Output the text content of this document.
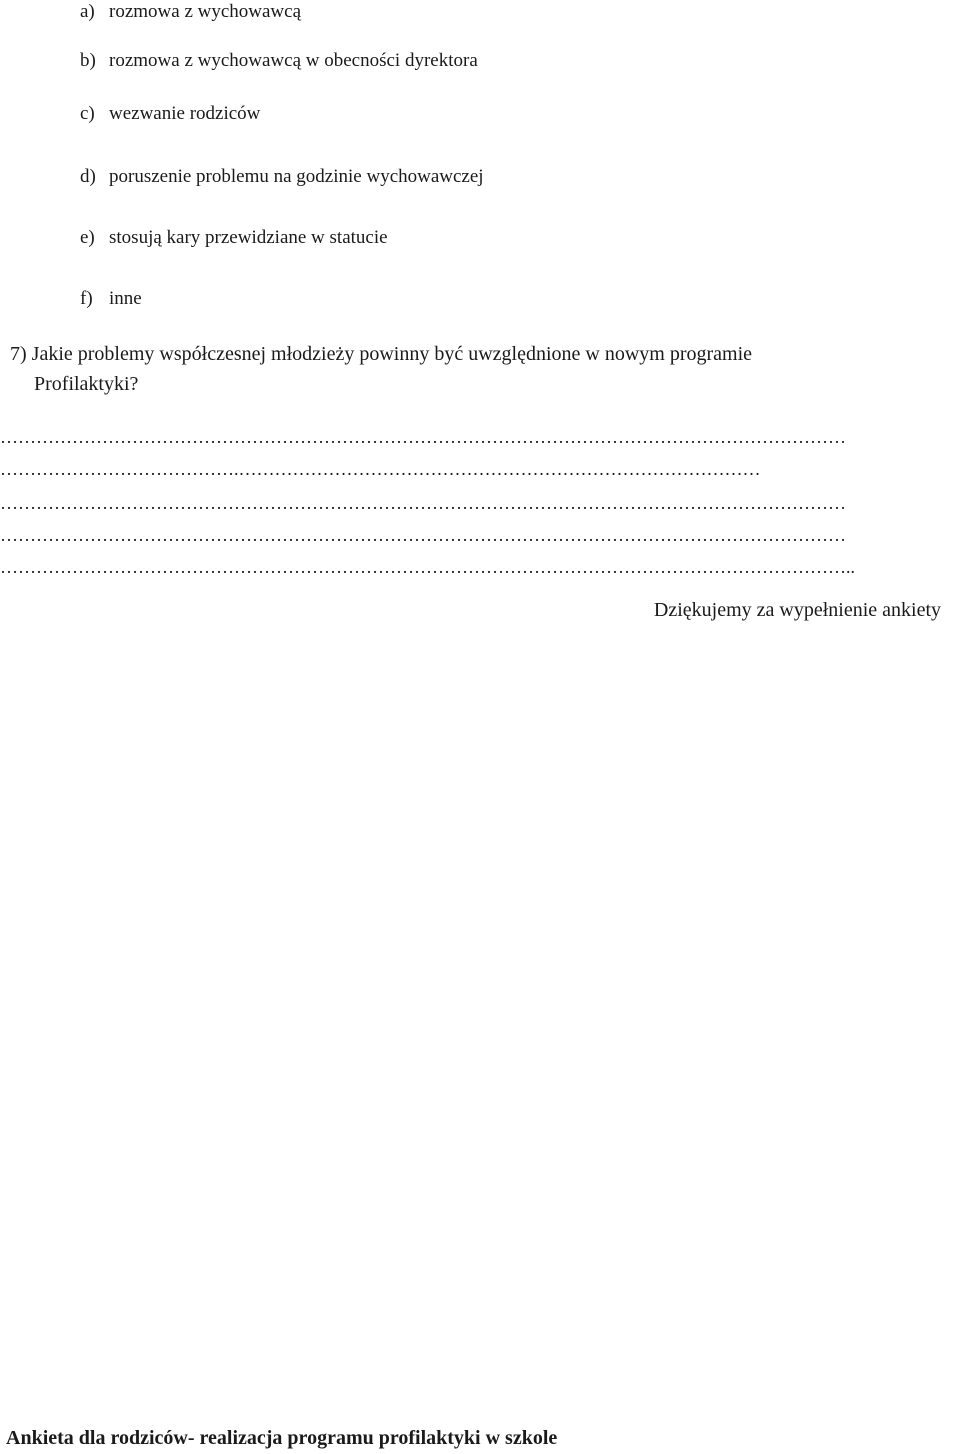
a) rozmowa z wychowawcą
b) rozmowa z wychowawcą w obecności dyrektora
c) wezwanie rodziców
d) poruszenie problemu na godzinie wychowawczej
e) stosują kary przewidziane w statucie
f) inne
7) Jakie problemy współczesnej młodzieży powinny być uwzględnione w nowym programie
Profilaktyki?
……………………………………………………………………………………………………………………………
………………………………….……………………………………………………………………………
……………………………………………………………………………………………………………………………
……………………………………………………………………………………………………………………………
……………………………………………………………………………………………………………………………..
Dziękujemy za wypełnienie ankiety
Ankieta dla rodziców- realizacja programu profilaktyki w szkole
